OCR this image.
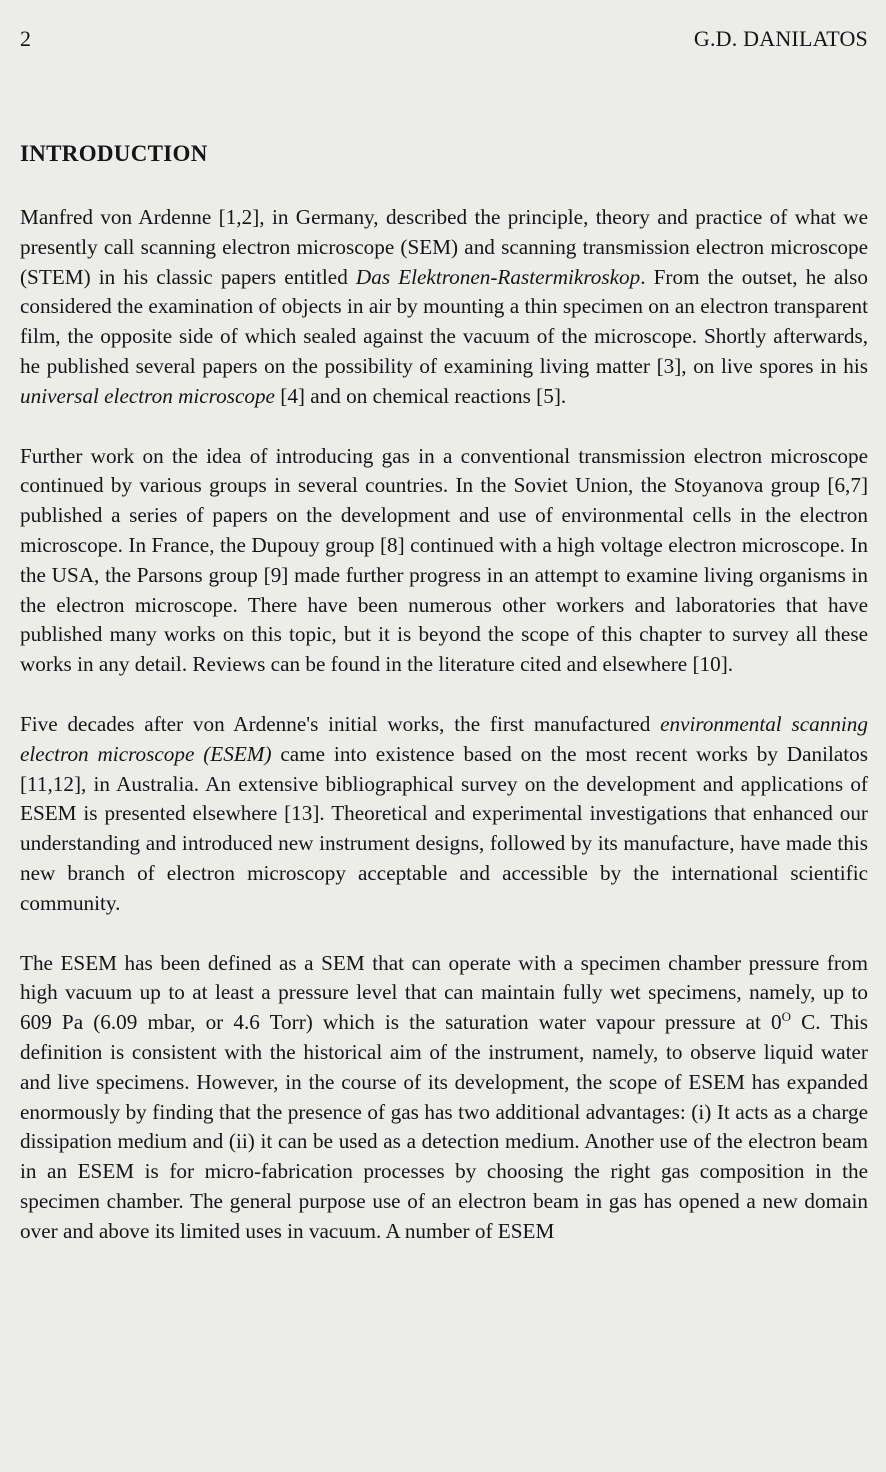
2	G.D. DANILATOS
INTRODUCTION

Manfred von Ardenne [1,2], in Germany, described the principle, theory and practice of what we presently call scanning electron microscope (SEM) and scanning transmission electron microscope (STEM) in his classic papers entitled Das Elektronen-Rastermikroskop. From the outset, he also considered the examination of objects in air by mounting a thin specimen on an electron transparent film, the opposite side of which sealed against the vacuum of the microscope. Shortly afterwards, he published several papers on the possibility of examining living matter [3], on live spores in his universal electron microscope [4] and on chemical reactions [5].

Further work on the idea of introducing gas in a conventional transmission electron microscope continued by various groups in several countries. In the Soviet Union, the Stoyanova group [6,7] published a series of papers on the development and use of environmental cells in the electron microscope. In France, the Dupouy group [8] continued with a high voltage electron microscope. In the USA, the Parsons group [9] made further progress in an attempt to examine living organisms in the electron microscope. There have been numerous other workers and laboratories that have published many works on this topic, but it is beyond the scope of this chapter to survey all these works in any detail. Reviews can be found in the literature cited and elsewhere [10].

Five decades after von Ardenne's initial works, the first manufactured environmental scanning electron microscope (ESEM) came into existence based on the most recent works by Danilatos [11,12], in Australia. An extensive bibliographical survey on the development and applications of ESEM is presented elsewhere [13]. Theoretical and experimental investigations that enhanced our understanding and introduced new instrument designs, followed by its manufacture, have made this new branch of electron microscopy acceptable and accessible by the international scientific community.

The ESEM has been defined as a SEM that can operate with a specimen chamber pressure from high vacuum up to at least a pressure level that can maintain fully wet specimens, namely, up to 609 Pa (6.09 mbar, or 4.6 Torr) which is the saturation water vapour pressure at $0^O$ C. This definition is consistent with the historical aim of the instrument, namely, to observe liquid water and live specimens. However, in the course of its development, the scope of ESEM has expanded enormously by finding that the presence of gas has two additional advantages: (i) It acts as a charge dissipation medium and (ii) it can be used as a detection medium. Another use of the electron beam in an ESEM is for micro-fabrication processes by choosing the right gas composition in the specimen chamber. The general purpose use of an electron beam in gas has opened a new domain over and above its limited uses in vacuum. A number of ESEM
